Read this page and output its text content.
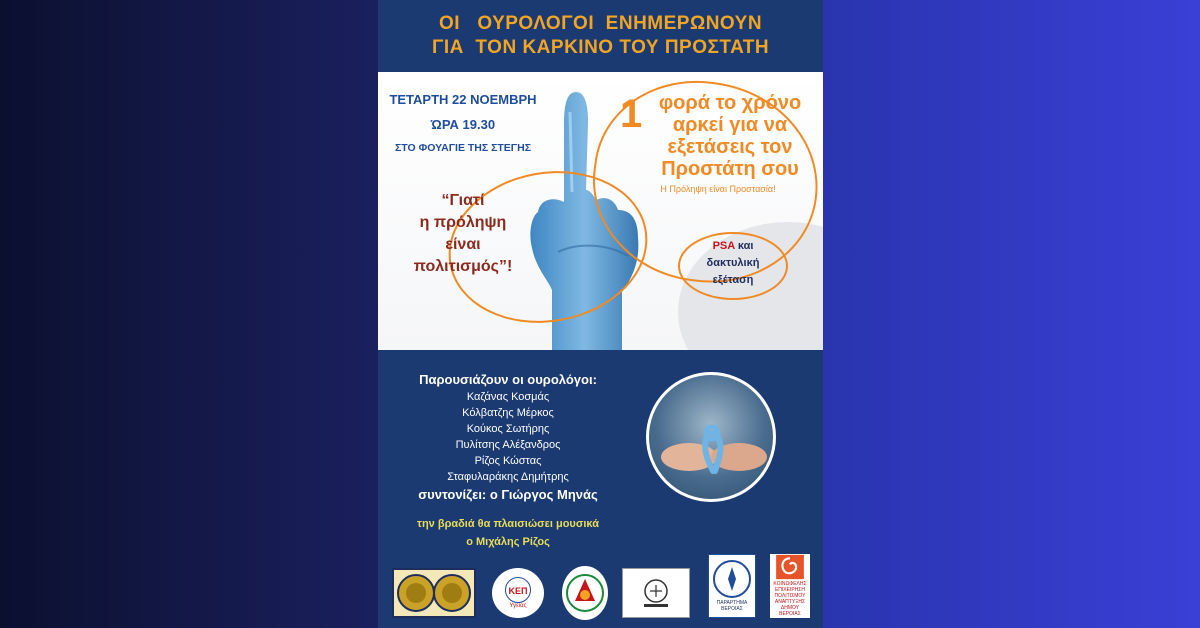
ΟΙ   ΟΥΡΟΛΟΓΟΙ  ΕΝΗΜΕΡΩΝΟΥΝ
ΓΙΑ  ΤΟΝ ΚΑΡΚΙΝΟ ΤΟΥ ΠΡΟΣΤΑΤΗ
ΤΕΤΑΡΤΗ 22 ΝΟΕΜΒΡΗ
ΏΡΑ 19.30
ΣΤΟ ΦΟΥΑΓΙΕ ΤΗΣ ΣΤΕΓΗΣ
“Γιατί
η πρόληψη
είναι
πολιτισμός”!
1 φορά το χρόνο
αρκεί για να
εξετάσεις τον
Προστάτη σου
Η Πρόληψη είναι Προστασία!
PSA και
δακτυλική
εξέταση
Παρουσιάζουν οι ουρολόγοι:
Καζάνας Κοσμάς
Κόλβατζης Μέρκος
Κούκος Σωτήρης
Πυλίτσης Αλέξανδρος
Ρίζος Κώστας
Σταφυλαράκης Δημήτρης
συντονίζει: ο Γιώργος Μηνάς
την βραδιά θα πλαισιώσει μουσικά
ο Μιχάλης Ρίζος
ΚΕΠ
Υγείας	ΠΑΡΑΡΤΗΜΑ ΒΕΡΟΙΑΣ
ΚΟΙΝΩΦΕΛΗΣ ΕΠΙΧΕΙΡΗΣΗ ΠΟΛΙΤΙΣΜΟΥ ΑΝΑΠΤΥΞΗΣ ΔΗΜΟΥ ΒΕΡΟΙΑΣ
